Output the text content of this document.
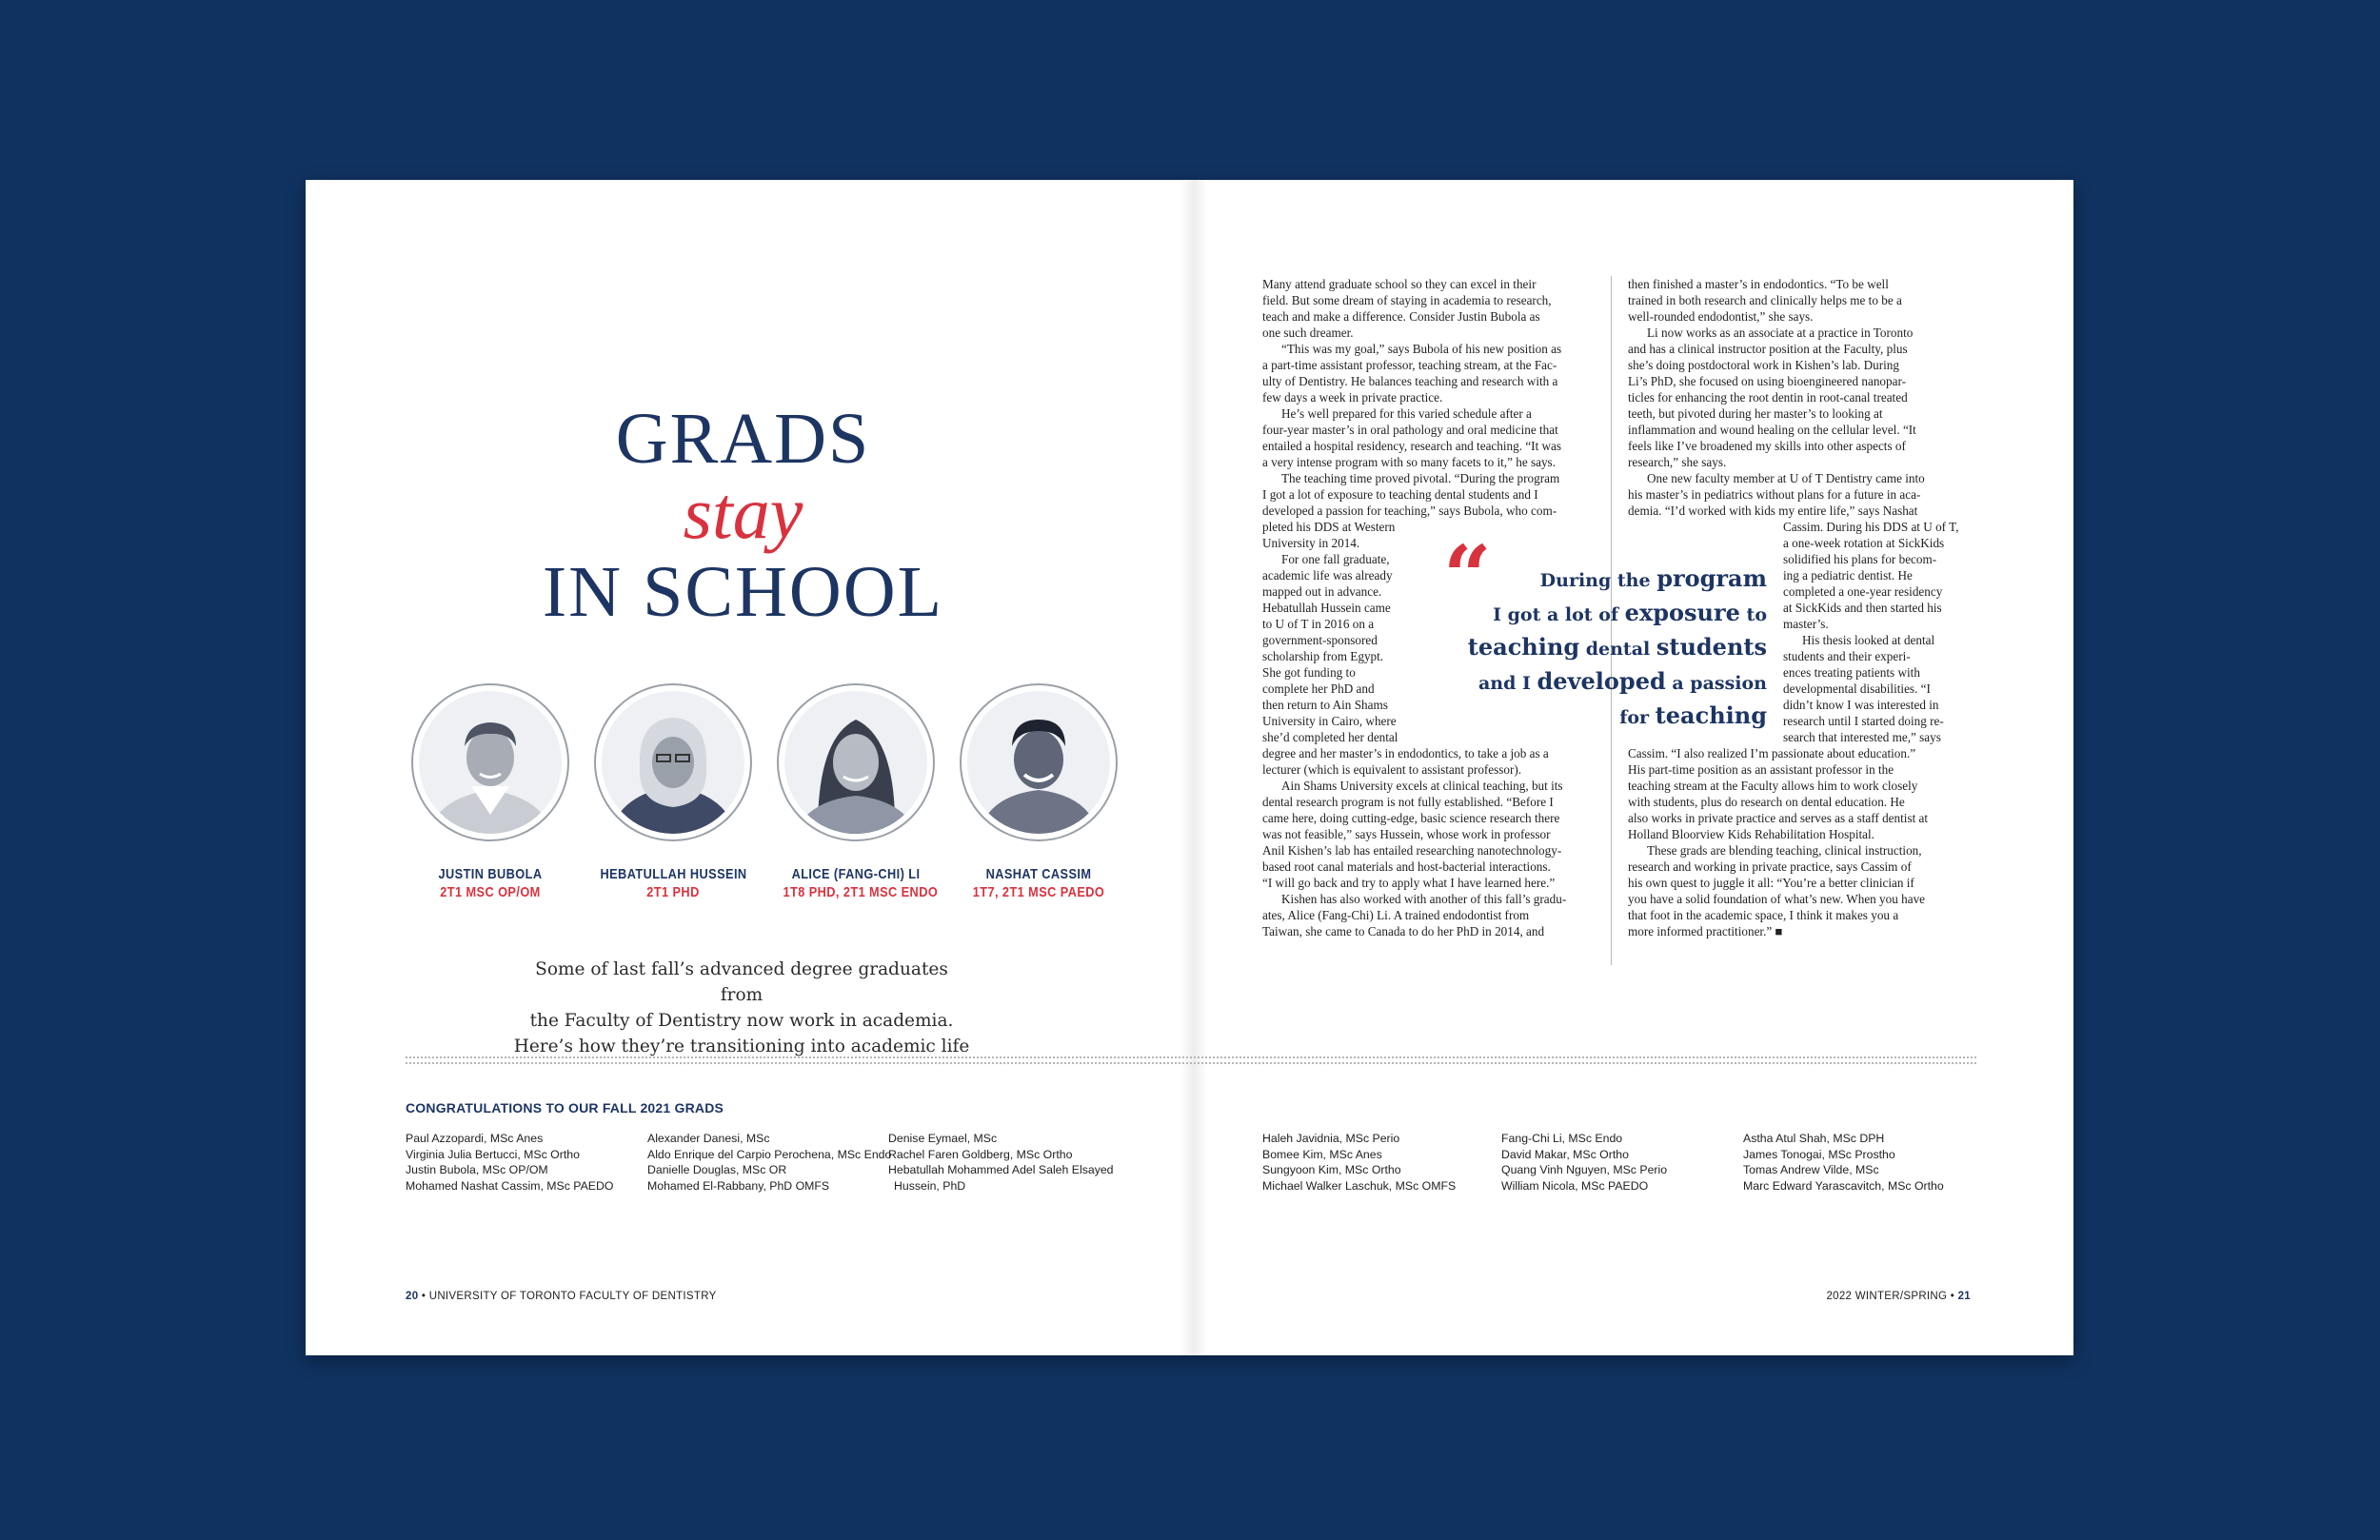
GRADS
stay
IN SCHOOL
JUSTIN BUBOLA
2T1 MSC OP/OM
HEBATULLAH HUSSEIN
2T1 PHD
ALICE (FANG-CHI) LI
1T8 PHD, 2T1 MSC ENDO
NASHAT CASSIM
1T7, 2T1 MSC PAEDO
Some of last fall’s advanced degree graduates from
the Faculty of Dentistry now work in academia.
Here’s how they’re transitioning into academic life

Many attend graduate school so they can excel in their

field. But some dream of staying in academia to research,

teach and make a difference. Consider Justin Bubola as

one such dreamer.

“This was my goal,” says Bubola of his new position as

a part-time assistant professor, teaching stream, at the Fac-

ulty of Dentistry. He balances teaching and research with a

few days a week in private practice.

He’s well prepared for this varied schedule after a

four-year master’s in oral pathology and oral medicine that

entailed a hospital residency, research and teaching. “It was

a very intense program with so many facets to it,” he says.

The teaching time proved pivotal. “During the program

I got a lot of exposure to teaching dental students and I

developed a passion for teaching,” says Bubola, who com-

pleted his DDS at Western

University in 2014.

For one fall graduate,

academic life was already

mapped out in advance.

Hebatullah Hussein came

to U of T in 2016 on a

government-sponsored

scholarship from Egypt.

She got funding to

complete her PhD and

then return to Ain Shams

University in Cairo, where

she’d completed her dental

degree and her master’s in endodontics, to take a job as a

lecturer (which is equivalent to assistant professor).

Ain Shams University excels at clinical teaching, but its

dental research program is not fully established. “Before I

came here, doing cutting-edge, basic science research there

was not feasible,” says Hussein, whose work in professor

Anil Kishen’s lab has entailed researching nanotechnology-

based root canal materials and host-bacterial interactions.

“I will go back and try to apply what I have learned here.”

Kishen has also worked with another of this fall’s gradu-

ates, Alice (Fang-Chi) Li. A trained endodontist from

Taiwan, she came to Canada to do her PhD in 2014, and

then finished a master’s in endodontics. “To be well

trained in both research and clinically helps me to be a

well-rounded endodontist,” she says.

Li now works as an associate at a practice in Toronto

and has a clinical instructor position at the Faculty, plus

she’s doing postdoctoral work in Kishen’s lab. During

Li’s PhD, she focused on using bioengineered nanopar-

ticles for enhancing the root dentin in root-canal treated

teeth, but pivoted during her master’s to looking at

inflammation and wound healing on the cellular level. “It

feels like I’ve broadened my skills into other aspects of

research,” she says.

One new faculty member at U of T Dentistry came into

his master’s in pediatrics without plans for a future in aca-

demia. “I’d worked with kids my entire life,” says Nashat

Cassim. During his DDS at U of T,

a one-week rotation at SickKids

solidified his plans for becom-

ing a pediatric dentist. He

completed a one-year residency

at SickKids and then started his

master’s.

His thesis looked at dental

students and their experi-

ences treating patients with

developmental disabilities. “I

didn’t know I was interested in

research until I started doing re-

search that interested me,” says

Cassim. “I also realized I’m passionate about education.”

His part-time position as an assistant professor in the

teaching stream at the Faculty allows him to work closely

with students, plus do research on dental education. He

also works in private practice and serves as a staff dentist at

Holland Bloorview Kids Rehabilitation Hospital.

These grads are blending teaching, clinical instruction,

research and working in private practice, says Cassim of

his own quest to juggle it all: “You’re a better clinician if

you have a solid foundation of what’s new. When you have

that foot in the academic space, I think it makes you a

more informed practitioner.” ■

“	During the program
I got a lot of exposure to
teaching dental students
and I developed a passion
for teaching
CONGRATULATIONS TO OUR FALL 2021 GRADS
Paul Azzopardi, MSc Anes
Virginia Julia Bertucci, MSc Ortho
Justin Bubola, MSc OP/OM
Mohamed Nashat Cassim, MSc PAEDO
Alexander Danesi, MSc
Aldo Enrique del Carpio Perochena, MSc Endo
Danielle Douglas, MSc OR
Mohamed El-Rabbany, PhD OMFS
Denise Eymael, MSc
Rachel Faren Goldberg, MSc Ortho
Hebatullah Mohammed Adel Saleh Elsayed
Hussein, PhD
Haleh Javidnia, MSc Perio
Bomee Kim, MSc Anes
Sungyoon Kim, MSc Ortho
Michael Walker Laschuk, MSc OMFS
Fang-Chi Li, MSc Endo
David Makar, MSc Ortho
Quang Vinh Nguyen, MSc Perio
William Nicola, MSc PAEDO
Astha Atul Shah, MSc DPH
James Tonogai, MSc Prostho
Tomas Andrew Vilde, MSc
Marc Edward Yarascavitch, MSc Ortho
20 • UNIVERSITY OF TORONTO FACULTY OF DENTISTRY	2022 WINTER/SPRING • 21
